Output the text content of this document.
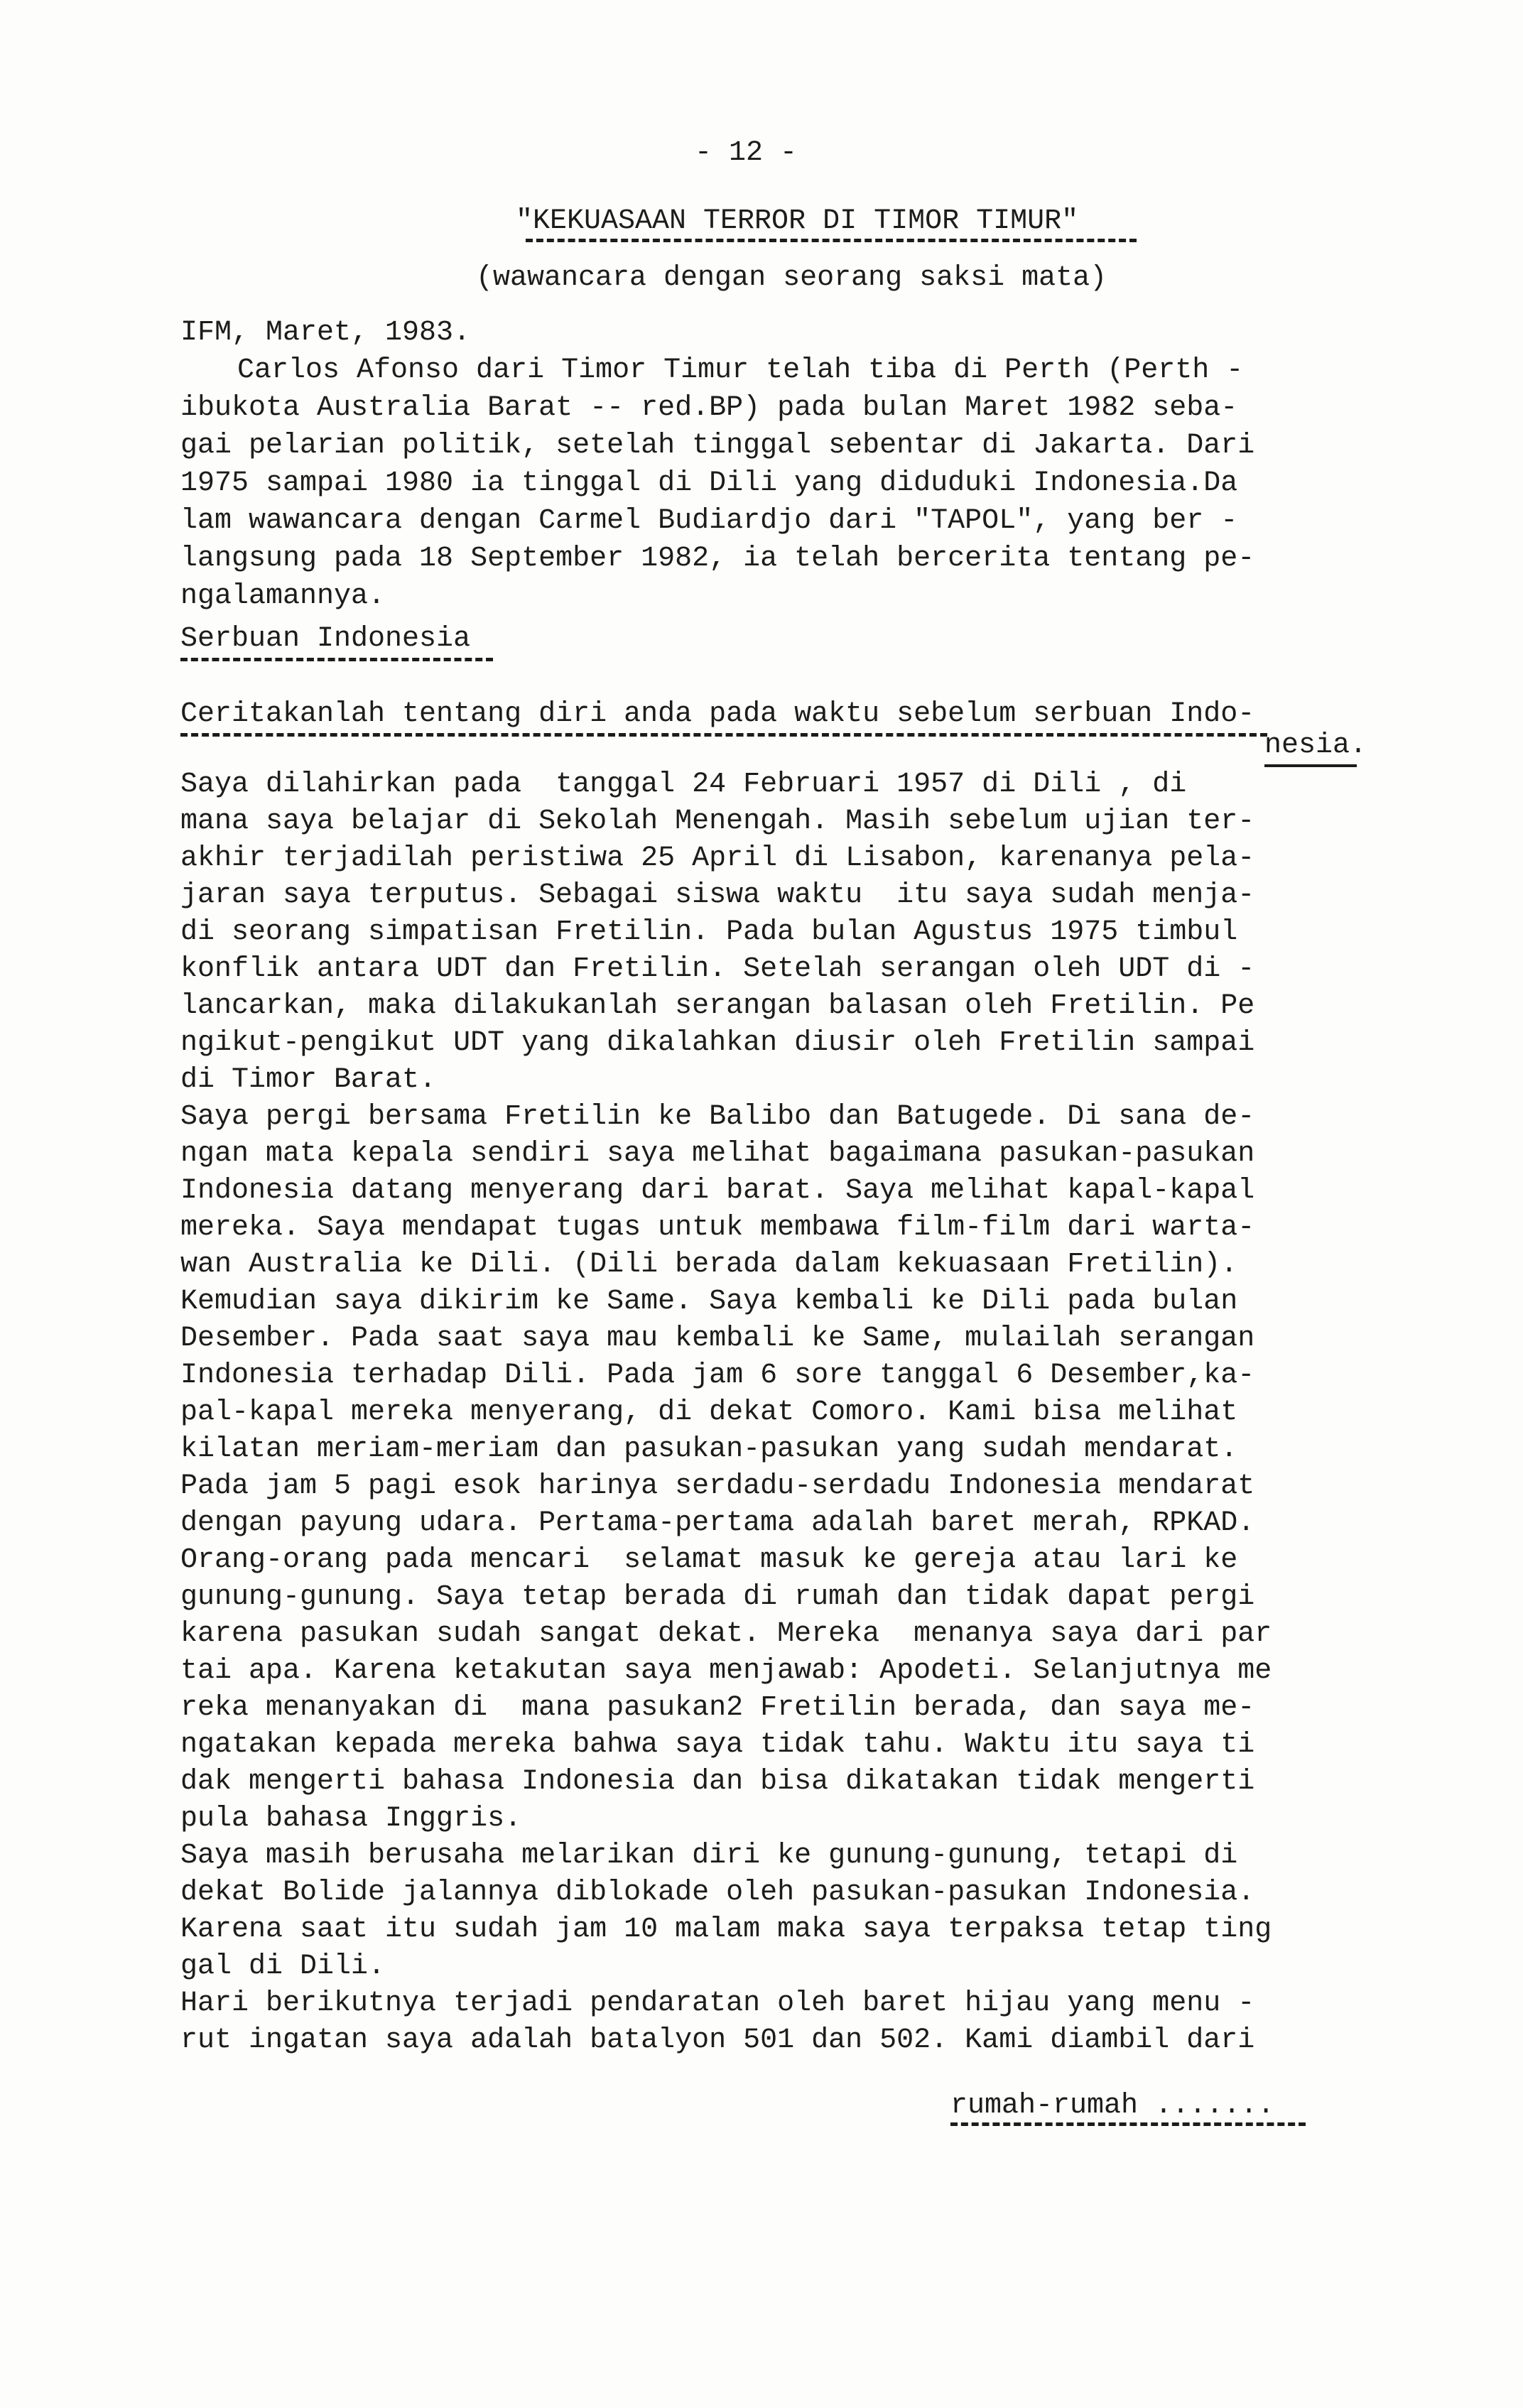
- 12 -
"KEKUASAAN TERROR DI TIMOR TIMUR"
(wawancara dengan seorang saksi mata)
IFM, Maret, 1983.
Carlos Afonso dari Timor Timur telah tiba di Perth (Perth -
ibukota Australia Barat -- red.BP) pada bulan Maret 1982 seba-
gai pelarian politik, setelah tinggal sebentar di Jakarta. Dari
1975 sampai 1980 ia tinggal di Dili yang diduduki Indonesia.Da
lam wawancara dengan Carmel Budiardjo dari "TAPOL", yang ber -
langsung pada 18 September 1982, ia telah bercerita tentang pe-
ngalamannya.
Serbuan Indonesia
Ceritakanlah tentang diri anda pada waktu sebelum serbuan Indo-
nesia.
Saya dilahirkan pada  tanggal 24 Februari 1957 di Dili , di
mana saya belajar di Sekolah Menengah. Masih sebelum ujian ter-
akhir terjadilah peristiwa 25 April di Lisabon, karenanya pela-
jaran saya terputus. Sebagai siswa waktu  itu saya sudah menja-
di seorang simpatisan Fretilin. Pada bulan Agustus 1975 timbul
konflik antara UDT dan Fretilin. Setelah serangan oleh UDT di -
lancarkan, maka dilakukanlah serangan balasan oleh Fretilin. Pe
ngikut-pengikut UDT yang dikalahkan diusir oleh Fretilin sampai
di Timor Barat.
Saya pergi bersama Fretilin ke Balibo dan Batugede. Di sana de-
ngan mata kepala sendiri saya melihat bagaimana pasukan-pasukan
Indonesia datang menyerang dari barat. Saya melihat kapal-kapal
mereka. Saya mendapat tugas untuk membawa film-film dari warta-
wan Australia ke Dili. (Dili berada dalam kekuasaan Fretilin).
Kemudian saya dikirim ke Same. Saya kembali ke Dili pada bulan
Desember. Pada saat saya mau kembali ke Same, mulailah serangan
Indonesia terhadap Dili. Pada jam 6 sore tanggal 6 Desember,ka-
pal-kapal mereka menyerang, di dekat Comoro. Kami bisa melihat
kilatan meriam-meriam dan pasukan-pasukan yang sudah mendarat.
Pada jam 5 pagi esok harinya serdadu-serdadu Indonesia mendarat
dengan payung udara. Pertama-pertama adalah baret merah, RPKAD.
Orang-orang pada mencari  selamat masuk ke gereja atau lari ke
gunung-gunung. Saya tetap berada di rumah dan tidak dapat pergi
karena pasukan sudah sangat dekat. Mereka  menanya saya dari par
tai apa. Karena ketakutan saya menjawab: Apodeti. Selanjutnya me
reka menanyakan di  mana pasukan2 Fretilin berada, dan saya me-
ngatakan kepada mereka bahwa saya tidak tahu. Waktu itu saya ti
dak mengerti bahasa Indonesia dan bisa dikatakan tidak mengerti
pula bahasa Inggris.
Saya masih berusaha melarikan diri ke gunung-gunung, tetapi di
dekat Bolide jalannya diblokade oleh pasukan-pasukan Indonesia.
Karena saat itu sudah jam 10 malam maka saya terpaksa tetap ting
gal di Dili.
Hari berikutnya terjadi pendaratan oleh baret hijau yang menu -
rut ingatan saya adalah batalyon 501 dan 502. Kami diambil dari
rumah-rumah .......
